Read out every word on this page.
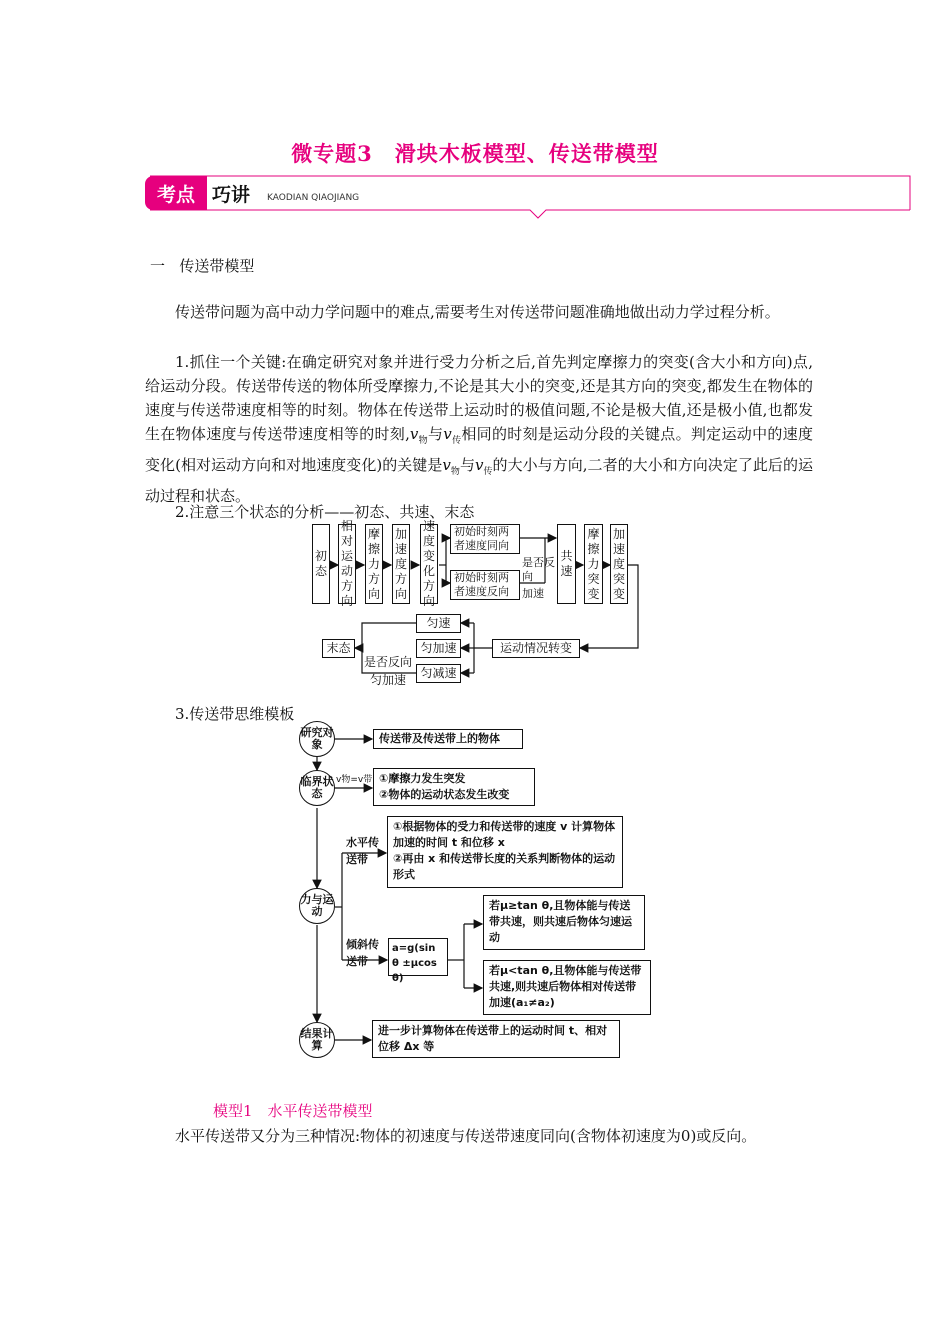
微专题3　滑块木板模型、传送带模型
考点 巧讲 KAODIAN QIAOJIANG
一 传送带模型

传送带问题为高中动力学问题中的难点,需要考生对传送带问题准确地做出动力学过程分析。

1.抓住一个关键:在确定研究对象并进行受力分析之后,首先判定摩擦力的突变(含大小和方向)点,给运动分段。传送带传送的物体所受摩擦力,不论是其大小的突变,还是其方向的突变,都发生在物体的速度与传送带速度相等的时刻。物体在传送带上运动时的极值问题,不论是极大值,还是极小值,也都发生在物体速度与传送带速度相等的时刻$,v_物$与$v_传$相同的时刻是运动分段的关键点。判定运动中的速度变化(相对运动方向和对地速度变化)的关键是$v_物$与$v_传$的大小与方向,二者的大小和方向决定了此后的运动过程和状态。

2.注意三个状态的分析——初态、共速、末态

初态
相对运动方向
摩擦力方向
加速度方向
速度变化方向
初始时刻两者速度同向
初始时刻两者速度反向
是否反向
加速
共速
摩擦力突变
加速度突变
运动情况转变
匀速
匀加速
匀减速
是否反向
匀加速
末态

3.传送带思维模板

研究对象	传送带及传送带上的物体
临界状态
v物=v带 ①摩擦力发生突发
②物体的运动状态发生改变
力与运动
水平传送带
①根据物体的受力和传送带的速度 v 计算物体加速的时间 t 和位移 x
②再由 x 和传送带长度的关系判断物体的运动形式
倾斜传送带
a=g(sin θ ±μcos θ)
若μ≥tan θ,且物体能与传送带共速，则共速后物体匀速运动
若μ<tan θ,且物体能与传送带共速,则共速后物体相对传送带加速(a₁≠a₂)
结果计算
进一步计算物体在传送带上的运动时间 t、相对位移 Δx 等
模型1　水平传送带模型

水平传送带又分为三种情况:物体的初速度与传送带速度同向(含物体初速度为0)或反向。
